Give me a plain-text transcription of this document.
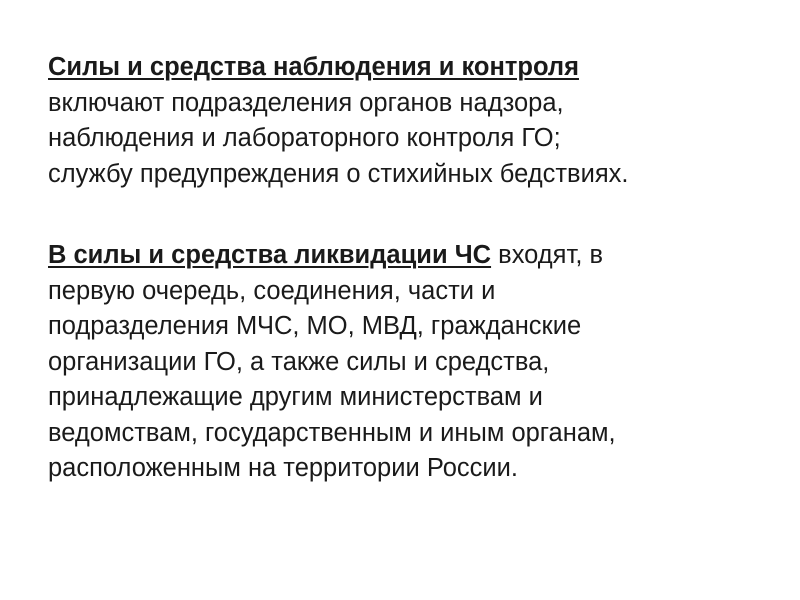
Силы и средства наблюдения и контроля
включают подразделения органов надзора,
наблюдения и лабораторного контроля ГО;
службу предупреждения о стихийных бедствиях.

В силы и средства ликвидации ЧС входят, в
первую очередь, соединения, части и
подразделения МЧС, МО, МВД, гражданские
организации ГО, а также силы и средства,
принадлежащие другим министерствам и
ведомствам, государственным и иным органам,
расположенным на территории России.
